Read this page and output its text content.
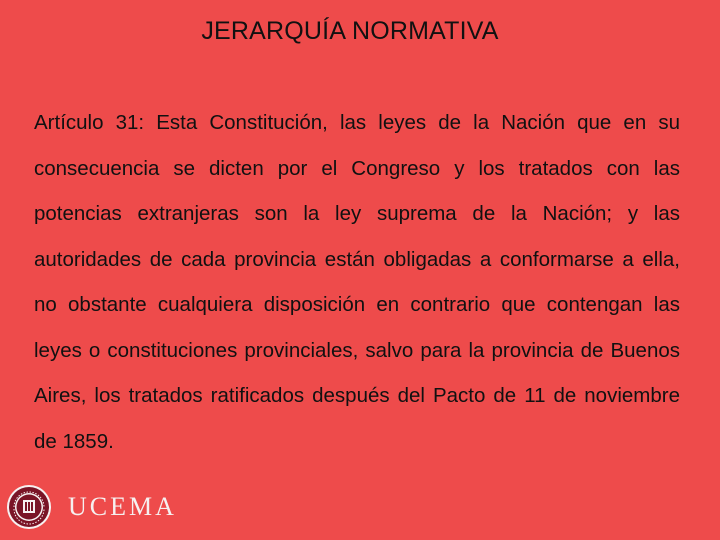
JERARQUÍA NORMATIVA

Artículo 31: Esta Constitución, las leyes de la Nación que en su consecuencia se dicten por el Congreso y los tratados con las potencias extranjeras son la ley suprema de la Nación; y las autoridades de cada provincia están obligadas a conformarse a ella, no obstante cualquiera disposición en contrario que contengan las leyes o constituciones provinciales, salvo para la provincia de Buenos Aires, los tratados ratificados después del Pacto de 11 de noviembre de 1859.

UCEMA
